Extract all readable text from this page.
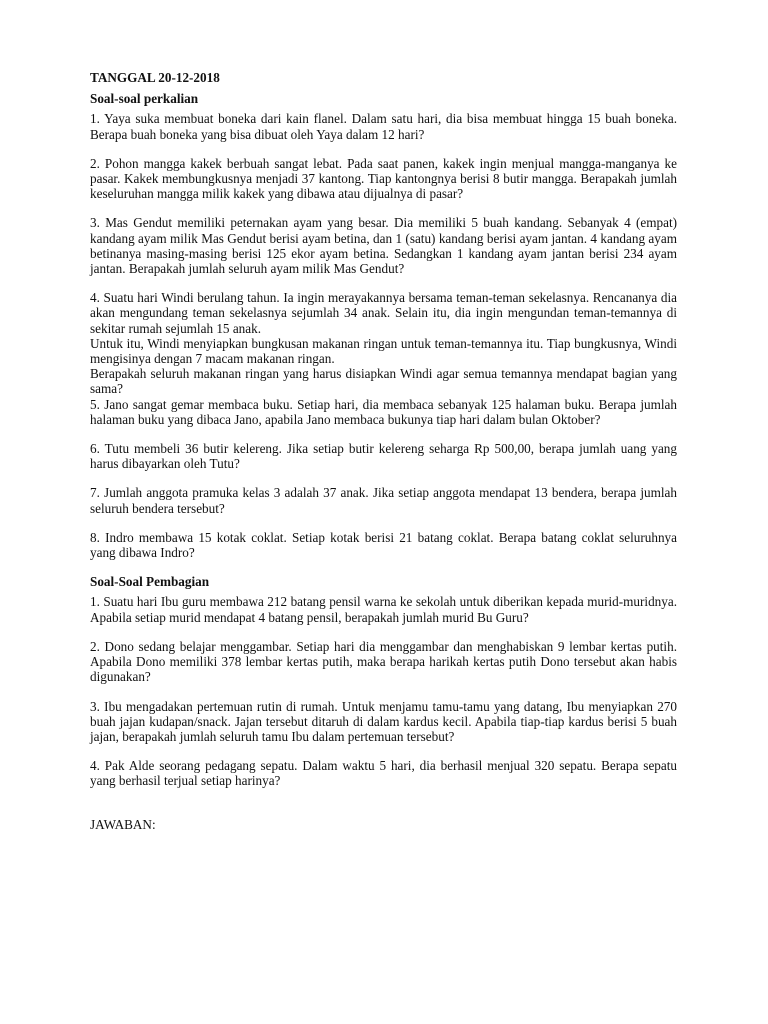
TANGGAL 20-12-2018
Soal-soal perkalian

1. Yaya suka membuat boneka dari kain flanel. Dalam satu hari, dia bisa membuat hingga 15 buah boneka. Berapa buah boneka yang bisa dibuat oleh Yaya dalam 12 hari?

2. Pohon mangga kakek berbuah sangat lebat. Pada saat panen, kakek ingin menjual mangga-manganya ke pasar. Kakek membungkusnya menjadi 37 kantong. Tiap kantongnya berisi 8 butir mangga. Berapakah jumlah keseluruhan mangga milik kakek yang dibawa atau dijualnya di pasar?

3. Mas Gendut memiliki peternakan ayam yang besar. Dia memiliki 5 buah kandang. Sebanyak 4 (empat) kandang ayam milik Mas Gendut berisi ayam betina, dan 1 (satu) kandang berisi ayam jantan. 4 kandang ayam betinanya masing-masing berisi 125 ekor ayam betina. Sedangkan 1 kandang ayam jantan berisi 234 ayam jantan. Berapakah jumlah seluruh ayam milik Mas Gendut?

4. Suatu hari Windi berulang tahun. Ia ingin merayakannya bersama teman-teman sekelasnya. Rencananya dia akan mengundang teman sekelasnya sejumlah 34 anak. Selain itu, dia ingin mengundan teman-temannya di sekitar rumah sejumlah 15 anak.

Untuk itu, Windi menyiapkan bungkusan makanan ringan untuk teman-temannya itu. Tiap bungkusnya, Windi mengisinya dengan 7 macam makanan ringan.

Berapakah seluruh makanan ringan yang harus disiapkan Windi agar semua temannya mendapat bagian yang sama?

5. Jano sangat gemar membaca buku. Setiap hari, dia membaca sebanyak 125 halaman buku. Berapa jumlah halaman buku yang dibaca Jano, apabila Jano membaca bukunya tiap hari dalam bulan Oktober?

6. Tutu membeli 36 butir kelereng. Jika setiap butir kelereng seharga Rp 500,00, berapa jumlah uang yang harus dibayarkan oleh Tutu?

7. Jumlah anggota pramuka kelas 3 adalah 37 anak. Jika setiap anggota mendapat 13 bendera, berapa jumlah seluruh bendera tersebut?

8. Indro membawa 15 kotak coklat. Setiap kotak berisi 21 batang coklat. Berapa batang coklat seluruhnya yang dibawa Indro?

Soal-Soal Pembagian

1. Suatu hari Ibu guru membawa 212 batang pensil warna ke sekolah untuk diberikan kepada murid-muridnya. Apabila setiap murid mendapat 4 batang pensil, berapakah jumlah murid Bu Guru?

2. Dono sedang belajar menggambar. Setiap hari dia menggambar dan menghabiskan 9 lembar kertas putih. Apabila Dono memiliki 378 lembar kertas putih, maka berapa harikah kertas putih Dono tersebut akan habis digunakan?

3. Ibu mengadakan pertemuan rutin di rumah. Untuk menjamu tamu-tamu yang datang, Ibu menyiapkan 270 buah jajan kudapan/snack. Jajan tersebut ditaruh di dalam kardus kecil. Apabila tiap-tiap kardus berisi 5 buah jajan, berapakah jumlah seluruh tamu Ibu dalam pertemuan tersebut?

4. Pak Alde seorang pedagang sepatu. Dalam waktu 5 hari, dia berhasil menjual 320 sepatu. Berapa sepatu yang berhasil terjual setiap harinya?

JAWABAN:
